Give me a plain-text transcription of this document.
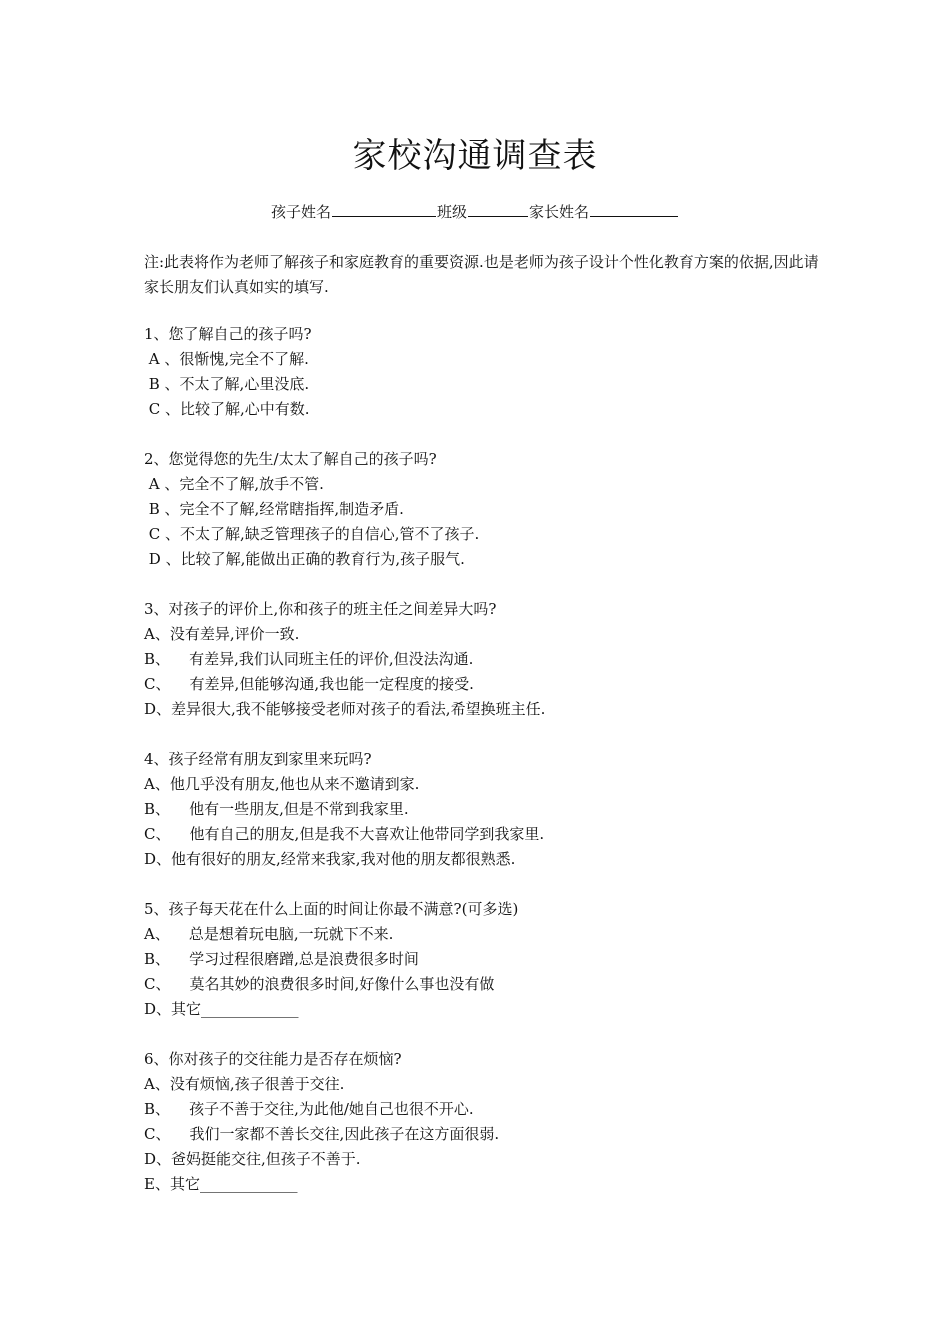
家校沟通调查表
孩子姓名	班级	家长姓名
注:此表将作为老师了解孩子和家庭教育的重要资源.也是老师为孩子设计个性化教育方案的依据,因此请家长朋友们认真如实的填写.
1、您了解自己的孩子吗?
A 、很惭愧,完全不了解.
B 、不太了解,心里没底.
C 、比较了解,心中有数.
2、您觉得您的先生/太太了解自己的孩子吗?
A 、完全不了解,放手不管.
B 、完全不了解,经常瞎指挥,制造矛盾.
C 、不太了解,缺乏管理孩子的自信心,管不了孩子.
D 、比较了解,能做出正确的教育行为,孩子服气.
3、对孩子的评价上,你和孩子的班主任之间差异大吗?
A、没有差异,评价一致.
B、    有差异,我们认同班主任的评价,但没法沟通.
C、    有差异,但能够沟通,我也能一定程度的接受.
D、差异很大,我不能够接受老师对孩子的看法,希望换班主任.
4、孩子经常有朋友到家里来玩吗?
A、他几乎没有朋友,他也从来不邀请到家.
B、    他有一些朋友,但是不常到我家里.
C、    他有自己的朋友,但是我不大喜欢让他带同学到我家里.
D、他有很好的朋友,经常来我家,我对他的朋友都很熟悉.
5、孩子每天花在什么上面的时间让你最不满意?(可多选)
A、    总是想着玩电脑,一玩就下不来.
B、    学习过程很磨蹭,总是浪费很多时间
C、    莫名其妙的浪费很多时间,好像什么事也没有做
D、其它_____________
6、你对孩子的交往能力是否存在烦恼?
A、没有烦恼,孩子很善于交往.
B、    孩子不善于交往,为此他/她自己也很不开心.
C、    我们一家都不善长交往,因此孩子在这方面很弱.
D、爸妈挺能交往,但孩子不善于.
E、其它_____________
